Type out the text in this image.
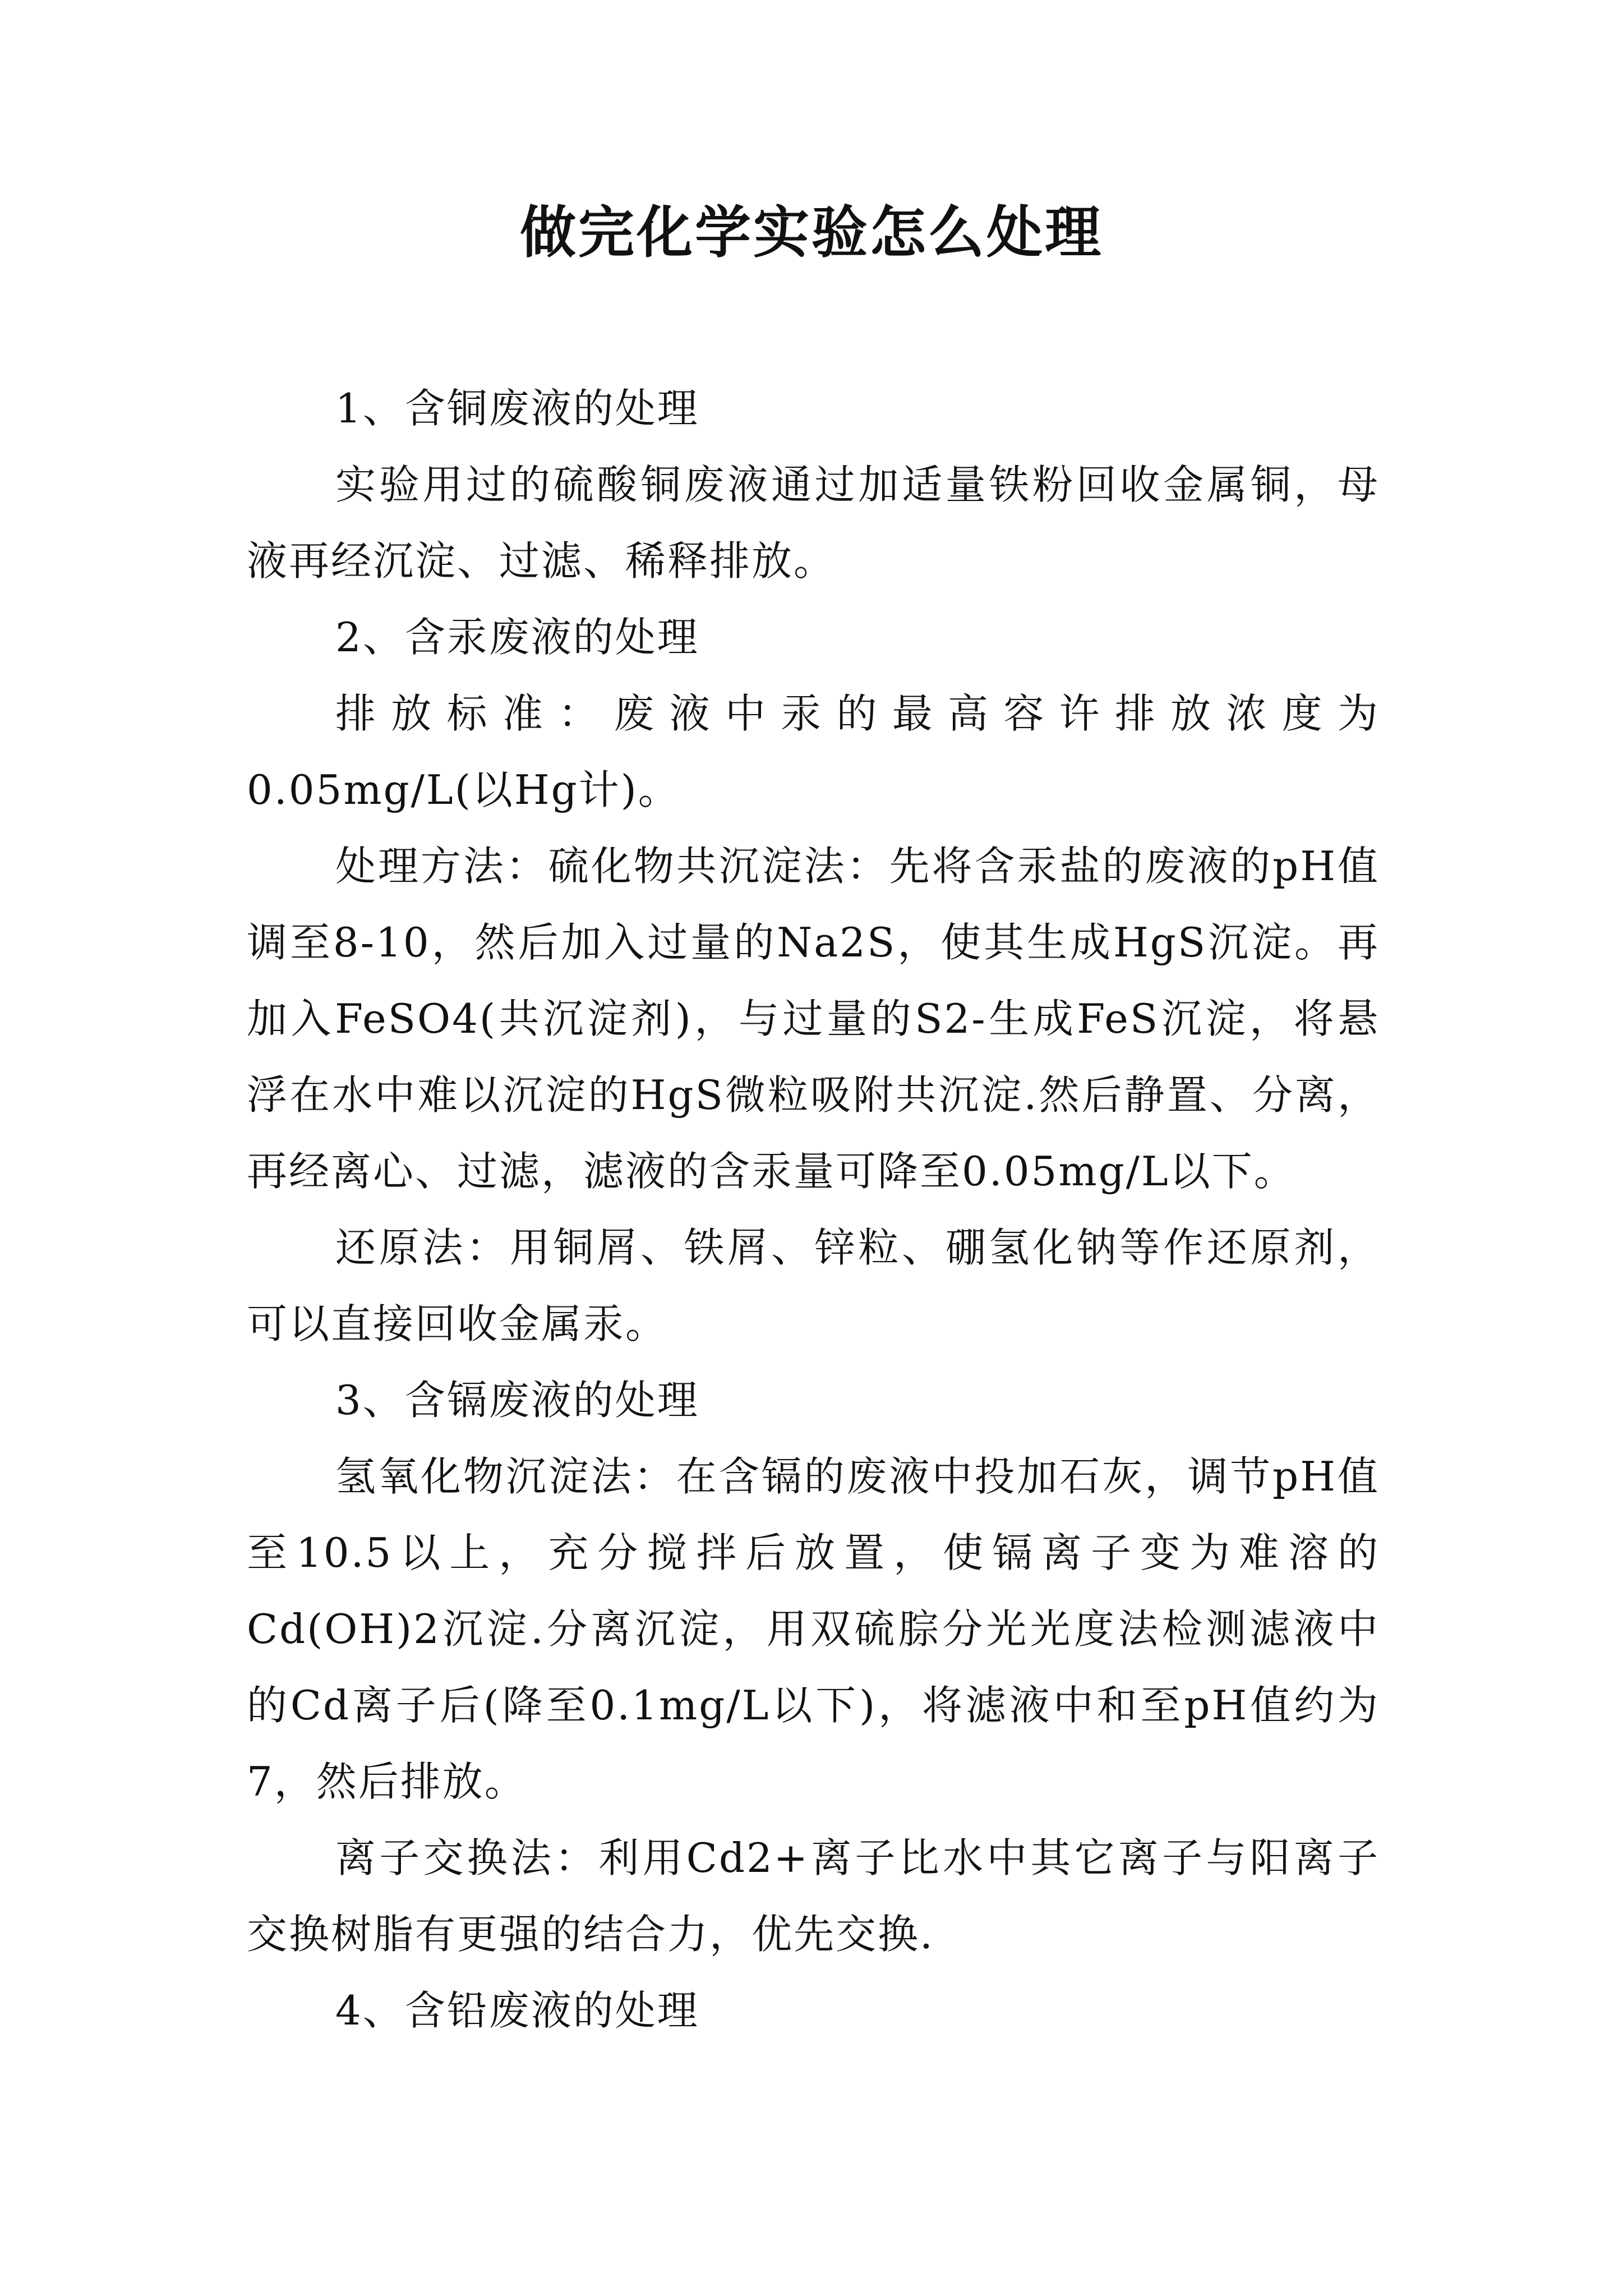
做完化学实验怎么处理

1、含铜废液的处理

实验用过的硫酸铜废液通过加适量铁粉回收金属铜，母液再经沉淀、过滤、稀释排放。

2、含汞废液的处理

排放标准：废液中汞的最高容许排放浓度为0.05mg/L(以Hg计)。

处理方法：硫化物共沉淀法：先将含汞盐的废液的pH值调至8-10，然后加入过量的Na2S，使其生成HgS沉淀。再加入FeSO4(共沉淀剂)，与过量的S2-生成FeS沉淀，将悬浮在水中难以沉淀的HgS微粒吸附共沉淀.然后静置、分离，再经离心、过滤，滤液的含汞量可降至0.05mg/L以下。

还原法：用铜屑、铁屑、锌粒、硼氢化钠等作还原剂，可以直接回收金属汞。

3、含镉废液的处理

氢氧化物沉淀法：在含镉的废液中投加石灰，调节pH值至10.5以上，充分搅拌后放置，使镉离子变为难溶的Cd(OH)2沉淀.分离沉淀，用双硫腙分光光度法检测滤液中的Cd离子后(降至0.1mg/L以下)，将滤液中和至pH值约为7，然后排放。

离子交换法：利用Cd2+离子比水中其它离子与阳离子交换树脂有更强的结合力，优先交换.

4、含铅废液的处理
